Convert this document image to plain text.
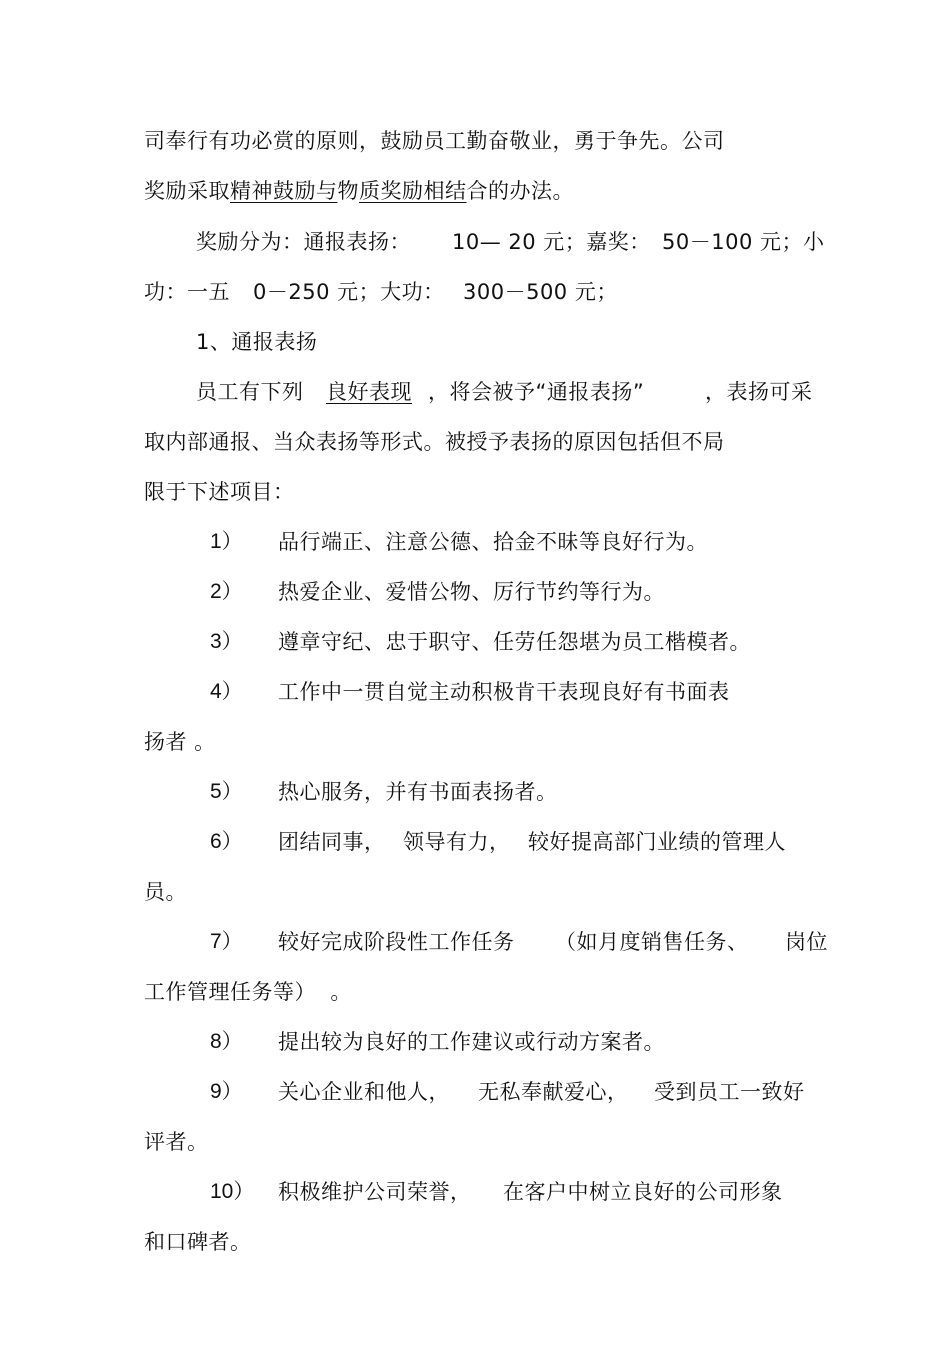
司奉行有功必赏的原则，鼓励员工勤奋敬业，勇于争先。公司
奖励采取精神鼓励与物质奖励相结合的办法。
奖励分为：通报表扬： 10— 20 元；嘉奖： 50－100 元；小
功：一五 0－250 元；大功： 300－500 元；
1、通报表扬
员工有下列 良好表现 ，将会被予“通报表扬”	，表扬可采
取内部通报、当众表扬等形式。被授予表扬的原因包括但不局
限于下述项目：
1） 品行端正、注意公德、拾金不昧等良好行为。
2） 热爱企业、爱惜公物、厉行节约等行为。
3） 遵章守纪、忠于职守、任劳任怨堪为员工楷模者。
4） 工作中一贯自觉主动积极肯干表现良好有书面表
扬者 。
5） 热心服务，并有书面表扬者。
6） 团结同事， 领导有力， 较好提高部门业绩的管理人
员。
7） 较好完成阶段性工作任务 （如月度销售任务、 岗位
工作管理任务等）  。
8） 提出较为良好的工作建议或行动方案者。
9） 关心企业和他人， 无私奉献爱心， 受到员工一致好
评者。
10） 积极维护公司荣誉， 在客户中树立良好的公司形象
和口碑者。
